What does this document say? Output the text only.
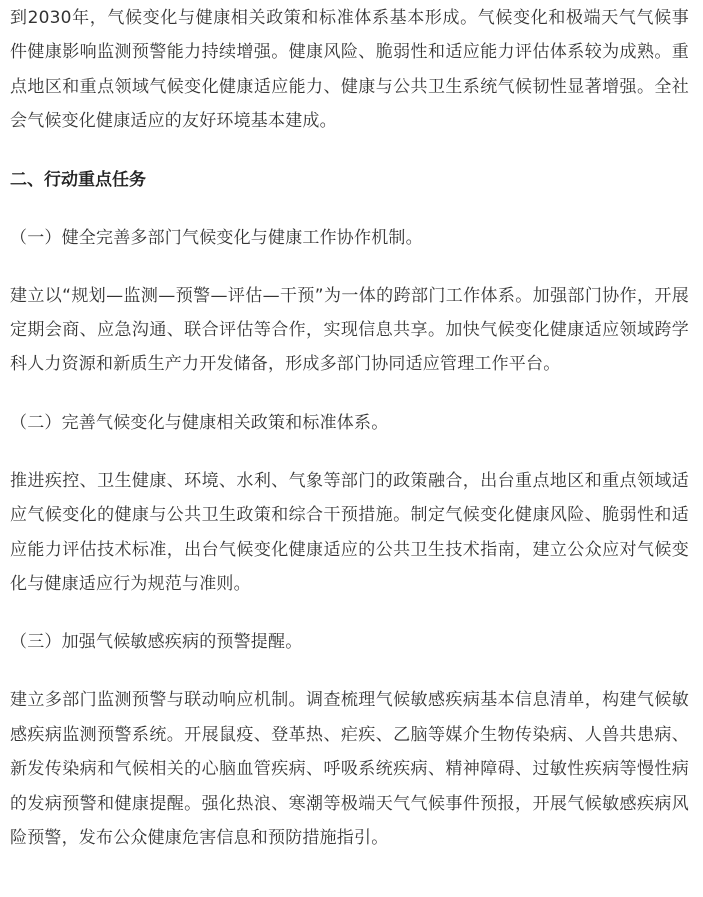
到2030年，气候变化与健康相关政策和标准体系基本形成。气候变化和极端天气气候事件健康影响监测预警能力持续增强。健康风险、脆弱性和适应能力评估体系较为成熟。重点地区和重点领域气候变化健康适应能力、健康与公共卫生系统气候韧性显著增强。全社会气候变化健康适应的友好环境基本建成。

二、行动重点任务

（一）健全完善多部门气候变化与健康工作协作机制。

建立以“规划—监测—预警—评估—干预”为一体的跨部门工作体系。加强部门协作，开展定期会商、应急沟通、联合评估等合作，实现信息共享。加快气候变化健康适应领域跨学科人力资源和新质生产力开发储备，形成多部门协同适应管理工作平台。

（二）完善气候变化与健康相关政策和标准体系。

推进疾控、卫生健康、环境、水利、气象等部门的政策融合，出台重点地区和重点领域适应气候变化的健康与公共卫生政策和综合干预措施。制定气候变化健康风险、脆弱性和适应能力评估技术标准，出台气候变化健康适应的公共卫生技术指南，建立公众应对气候变化与健康适应行为规范与准则。

（三）加强气候敏感疾病的预警提醒。

建立多部门监测预警与联动响应机制。调查梳理气候敏感疾病基本信息清单，构建气候敏感疾病监测预警系统。开展鼠疫、登革热、疟疾、乙脑等媒介生物传染病、人兽共患病、新发传染病和气候相关的心脑血管疾病、呼吸系统疾病、精神障碍、过敏性疾病等慢性病的发病预警和健康提醒。强化热浪、寒潮等极端天气气候事件预报，开展气候敏感疾病风险预警，发布公众健康危害信息和预防措施指引。
